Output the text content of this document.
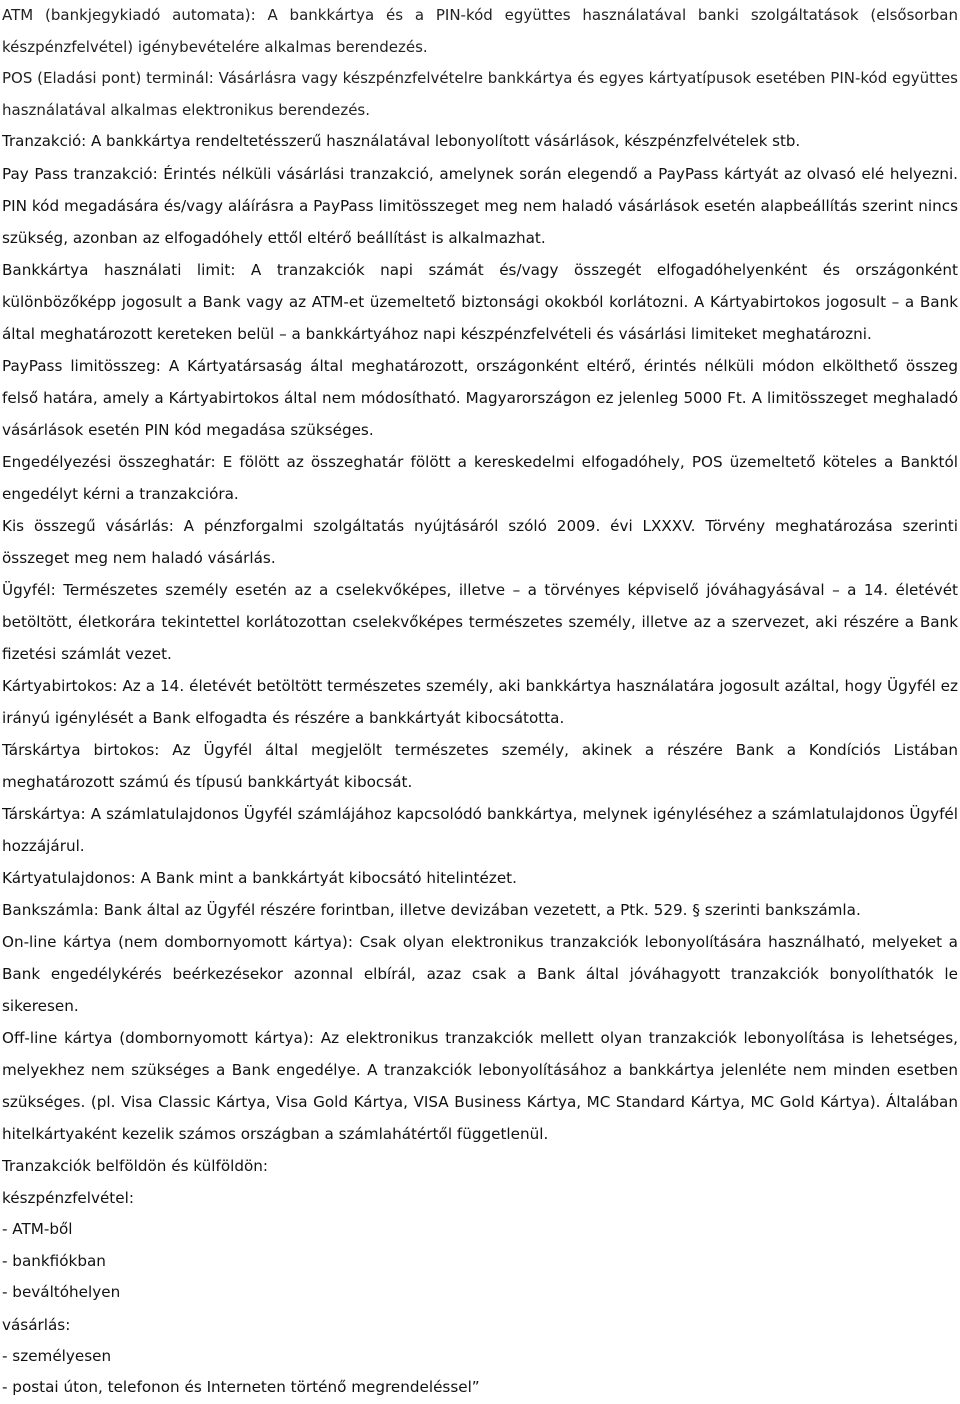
ATM (bankjegykiadó automata): A bankkártya és a PIN-kód együttes használatával banki szolgáltatások (elsősorban készpénzfelvétel) igénybevételére alkalmas berendezés.

POS (Eladási pont) terminál: Vásárlásra vagy készpénzfelvételre bankkártya és egyes kártyatípusok esetében PIN-kód együttes használatával alkalmas elektronikus berendezés.

Tranzakció: A bankkártya rendeltetésszerű használatával lebonyolított vásárlások, készpénzfelvételek stb.

Pay Pass tranzakció: Érintés nélküli vásárlási tranzakció, amelynek során elegendő a PayPass kártyát az olvasó elé helyezni. PIN kód megadására és/vagy aláírásra a PayPass limitösszeget meg nem haladó vásárlások esetén alapbeállítás szerint nincs szükség, azonban az elfogadóhely ettől eltérő beállítást is alkalmazhat.

Bankkártya használati limit: A tranzakciók napi számát és/vagy összegét elfogadóhelyenként és országonként különbözőképp jogosult a Bank vagy az ATM-et üzemeltető biztonsági okokból korlátozni. A Kártyabirtokos jogosult – a Bank által meghatározott kereteken belül – a bankkártyához napi készpénzfelvételi és vásárlási limiteket meghatározni.

PayPass limitösszeg: A Kártyatársaság által meghatározott, országonként eltérő, érintés nélküli módon elkölthető összeg felső határa, amely a Kártyabirtokos által nem módosítható. Magyarországon ez jelenleg 5000 Ft. A limitösszeget meghaladó vásárlások esetén PIN kód megadása szükséges.

Engedélyezési összeghatár: E fölött az összeghatár fölött a kereskedelmi elfogadóhely, POS üzemeltető köteles a Banktól engedélyt kérni a tranzakcióra.

Kis összegű vásárlás: A pénzforgalmi szolgáltatás nyújtásáról szóló 2009. évi LXXXV. Törvény meghatározása szerinti összeget meg nem haladó vásárlás.

Ügyfél: Természetes személy esetén az a cselekvőképes, illetve – a törvényes képviselő jóváhagyásával – a 14. életévét betöltött, életkorára tekintettel korlátozottan cselekvőképes természetes személy, illetve az a szervezet, aki részére a Bank fizetési számlát vezet.

Kártyabirtokos: Az a 14. életévét betöltött természetes személy, aki bankkártya használatára jogosult azáltal, hogy Ügyfél ez irányú igénylését a Bank elfogadta és részére a bankkártyát kibocsátotta.

Társkártya birtokos: Az Ügyfél által megjelölt természetes személy, akinek a részére Bank a Kondíciós Listában meghatározott számú és típusú bankkártyát kibocsát.

Társkártya: A számlatulajdonos Ügyfél számlájához kapcsolódó bankkártya, melynek igényléséhez a számlatulajdonos Ügyfél hozzájárul.

Kártyatulajdonos: A Bank mint a bankkártyát kibocsátó hitelintézet.

Bankszámla: Bank által az Ügyfél részére forintban, illetve devizában vezetett, a Ptk. 529. § szerinti bankszámla.

On-line kártya (nem dombornyomott kártya): Csak olyan elektronikus tranzakciók lebonyolítására használható, melyeket a Bank engedélykérés beérkezésekor azonnal elbírál, azaz csak a Bank által jóváhagyott tranzakciók bonyolíthatók le sikeresen.

Off-line kártya (dombornyomott kártya): Az elektronikus tranzakciók mellett olyan tranzakciók lebonyolítása is lehetséges, melyekhez nem szükséges a Bank engedélye. A tranzakciók lebonyolításához a bankkártya jelenléte nem minden esetben szükséges. (pl. Visa Classic Kártya, Visa Gold Kártya, VISA Business Kártya, MC Standard Kártya, MC Gold Kártya). Általában hitelkártyaként kezelik számos országban a számlahátértől függetlenül.

Tranzakciók belföldön és külföldön:

készpénzfelvétel:

- ATM-ből
- bankfiókban
- beváltóhelyen

vásárlás:

- személyesen
- postai úton, telefonon és Interneten történő megrendeléssel”
